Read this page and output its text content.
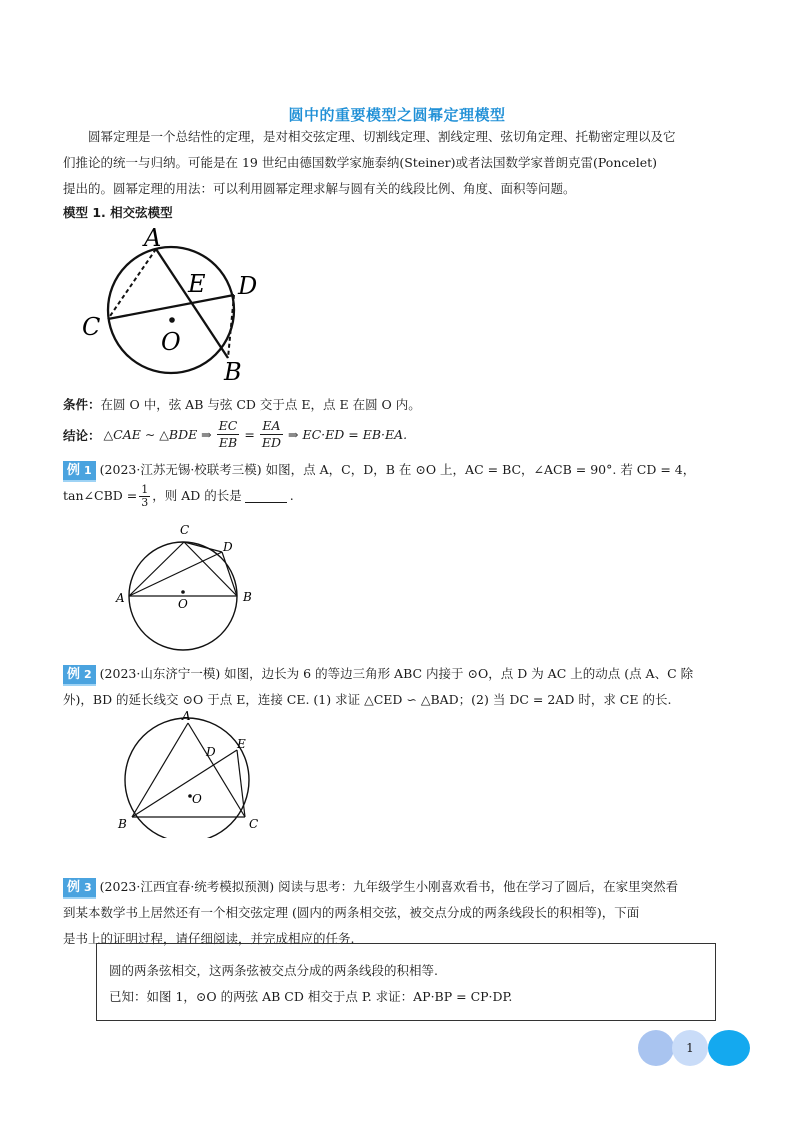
圆中的重要模型之圆幂定理模型

圆幂定理是一个总结性的定理，是对相交弦定理、切割线定理、割线定理、弦切角定理、托勒密定理以及它

们推论的统一与归纳。可能是在 19 世纪由德国数学家施泰纳(Steiner)或者法国数学家普朗克雷(Poncelet)

提出的。圆幂定理的用法：可以利用圆幂定理求解与圆有关的线段比例、角度、面积等问题。

模型 1. 相交弦模型
A
E D
C
O
B
条件：在圆 O 中，弦 AB 与弦 CD 交于点 E，点 E 在圆 O 内。
结论： △CAE ∼ △BDE ⇒ $\frac{EC}{EB} = \frac{EA}{ED}$ ⇒ EC·ED = EB·EA.

例 1 (2023·江苏无锡·校联考三模) 如图，点 A，C，D，B 在 ⊙O 上，AC = BC，∠ACB = 90°. 若 CD = 4，

tan∠CBD = $\frac{1}{3}$ ，则 AD 的长是	.

C
D
A	O	B

例 2 (2023·山东济宁一模) 如图，边长为 6 的等边三角形 ABC 内接于 ⊙O，点 D 为 AC 上的动点 (点 A、C 除

外)，BD 的延长线交 ⊙O 于点 E，连接 CE. (1) 求证 △CED ∽ △BAD；(2) 当 DC = 2AD 时，求 CE 的长.

A
D
E
O
B	C

例 3 (2023·江西宜春·统考模拟预测) 阅读与思考：九年级学生小刚喜欢看书，他在学习了圆后，在家里突然看

到某本数学书上居然还有一个相交弦定理 (圆内的两条相交弦，被交点分成的两条线段长的积相等)，下面

是书上的证明过程，请仔细阅读，并完成相应的任务.

圆的两条弦相交，这两条弦被交点分成的两条线段的积相等.

已知：如图 1，⊙O 的两弦 AB CD 相交于点 P. 求证：AP·BP = CP·DP.

1
